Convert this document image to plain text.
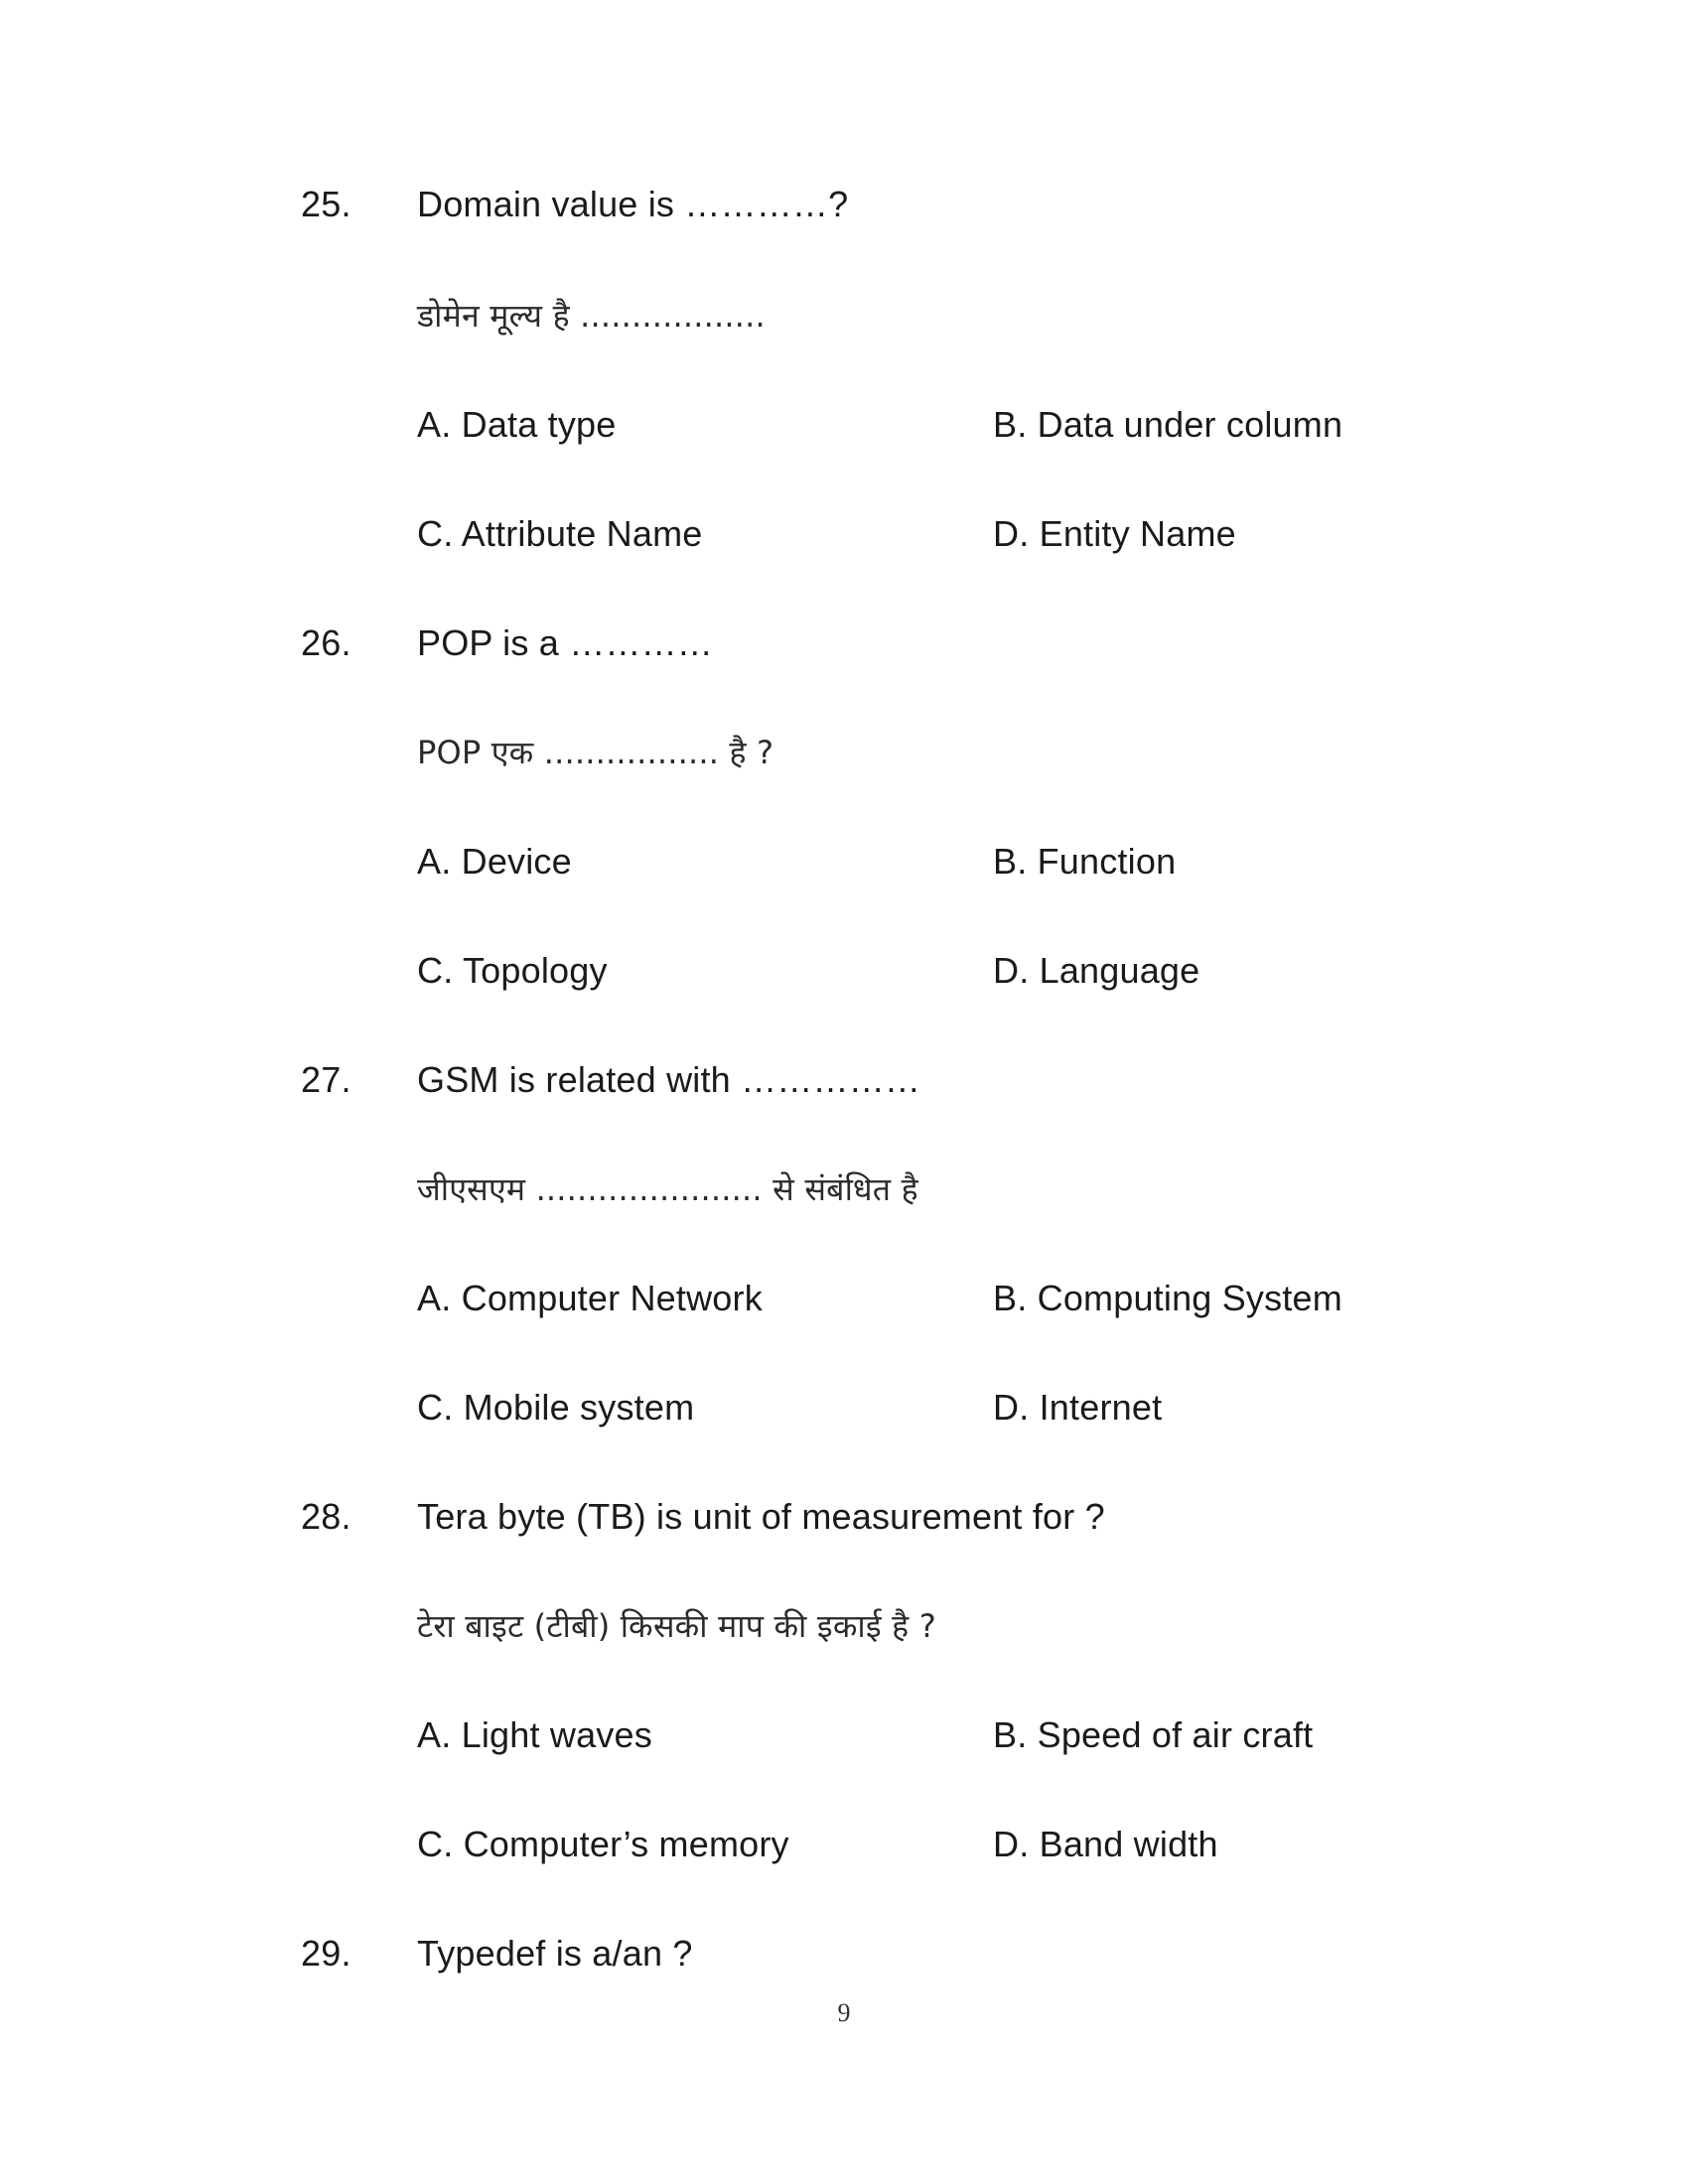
25. Domain value is …………?
डोमेन मूल्य है ..................
A. Data type	B. Data under column
C. Attribute Name	D. Entity Name
26. POP is a …………
POP एक ................. है ?
A. Device	B. Function
C. Topology	D. Language
27. GSM is related with ……………
जीएसएम ...................... से संबंधित है
A. Computer Network	B. Computing System
C. Mobile system	D. Internet
28. Tera byte (TB) is unit of measurement for ?
टेरा बाइट (टीबी) किसकी माप की इकाई है ?
A. Light waves	B. Speed of air craft
C. Computer’s memory	D. Band width
29. Typedef is a/an ?
9
